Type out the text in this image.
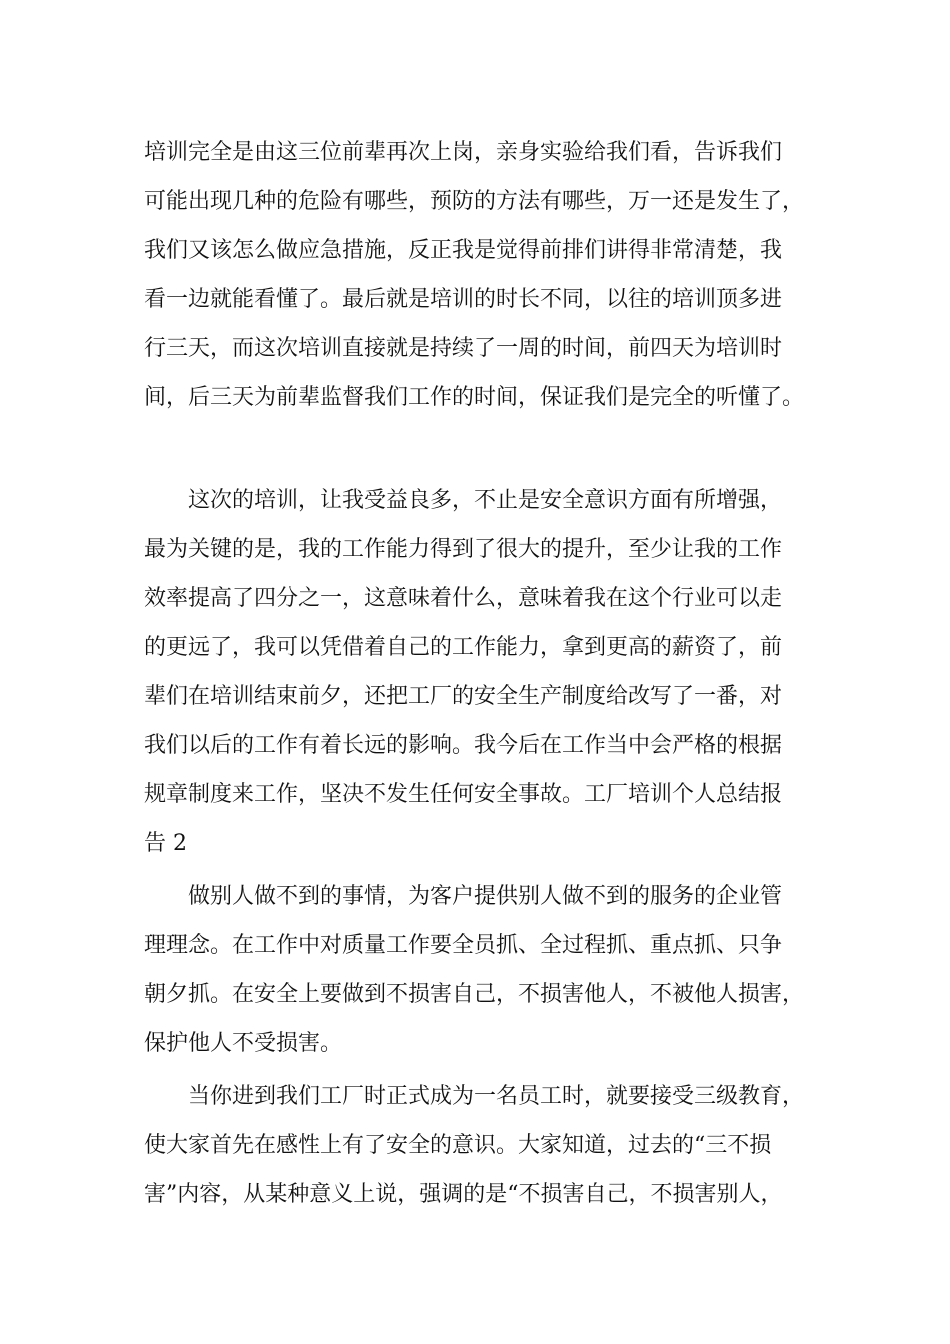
培训完全是由这三位前辈再次上岗，亲身实验给我们看，告诉我们
可能出现几种的危险有哪些，预防的方法有哪些，万一还是发生了，
我们又该怎么做应急措施，反正我是觉得前排们讲得非常清楚，我
看一边就能看懂了。最后就是培训的时长不同，以往的培训顶多进
行三天，而这次培训直接就是持续了一周的时间，前四天为培训时
间，后三天为前辈监督我们工作的时间，保证我们是完全的听懂了。
　　这次的培训，让我受益良多，不止是安全意识方面有所增强，
最为关键的是，我的工作能力得到了很大的提升，至少让我的工作
效率提高了四分之一，这意味着什么，意味着我在这个行业可以走
的更远了，我可以凭借着自己的工作能力，拿到更高的薪资了，前
辈们在培训结束前夕，还把工厂的安全生产制度给改写了一番，对
我们以后的工作有着长远的影响。我今后在工作当中会严格的根据
规章制度来工作，坚决不发生任何安全事故。工厂培训个人总结报
告 2
　　做别人做不到的事情，为客户提供别人做不到的服务的企业管
理理念。在工作中对质量工作要全员抓、全过程抓、重点抓、只争
朝夕抓。在安全上要做到不损害自己，不损害他人，不被他人损害，
保护他人不受损害。
　　当你进到我们工厂时正式成为一名员工时，就要接受三级教育，
使大家首先在感性上有了安全的意识。大家知道，过去的“三不损
害”内容，从某种意义上说，强调的是“不损害自己，不损害别人，
